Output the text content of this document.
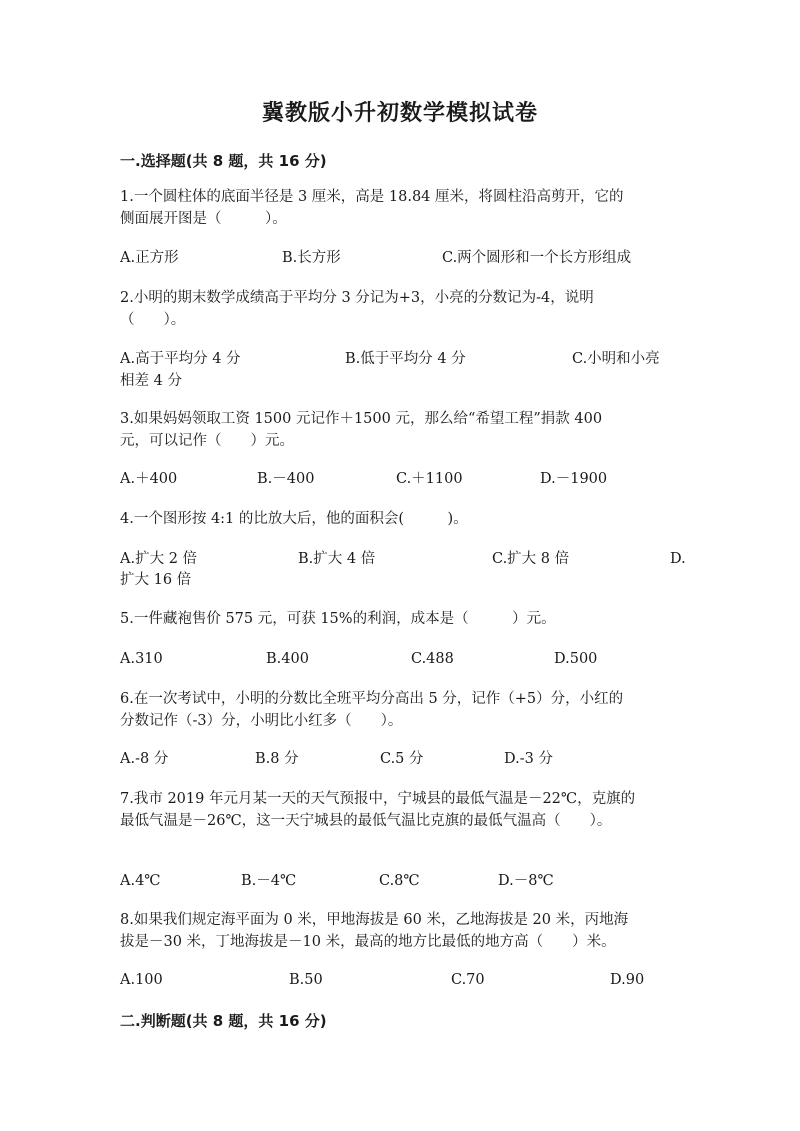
冀教版小升初数学模拟试卷
一.选择题(共 8 题，共 16 分)
1.一个圆柱体的底面半径是 3 厘米，高是 18.84 厘米，将圆柱沿高剪开，它的
侧面展开图是（　　　）。
A.正方形	B.长方形	C.两个圆形和一个长方形组成
2.小明的期末数学成绩高于平均分 3 分记为+3，小亮的分数记为-4，说明
（　　）。
A.高于平均分 4 分	B.低于平均分 4 分	C.小明和小亮
相差 4 分
3.如果妈妈领取工资 1500 元记作＋1500 元，那么给“希望工程”捐款 400
元，可以记作（　　）元。
A.＋400	B.－400	C.＋1100	D.－1900
4.一个图形按 4:1 的比放大后，他的面积会(　　　)。
A.扩大 2 倍	B.扩大 4 倍	C.扩大 8 倍	D.
扩大 16 倍
5.一件藏袍售价 575 元，可获 15%的利润，成本是（　　　）元。
A.310	B.400	C.488	D.500
6.在一次考试中，小明的分数比全班平均分高出 5 分，记作（+5）分，小红的
分数记作（-3）分，小明比小红多（　　）。
A.-8 分	B.8 分	C.5 分	D.-3 分
7.我市 2019 年元月某一天的天气预报中，宁城县的最低气温是－22℃，克旗的
最低气温是－26℃，这一天宁城县的最低气温比克旗的最低气温高（　　）。
A.4℃	B.－4℃	C.8℃	D.－8℃
8.如果我们规定海平面为 0 米，甲地海拔是 60 米，乙地海拔是 20 米，丙地海
拔是－30 米，丁地海拔是－10 米，最高的地方比最低的地方高（　　）米。
A.100	B.50	C.70	D.90
二.判断题(共 8 题，共 16 分)
